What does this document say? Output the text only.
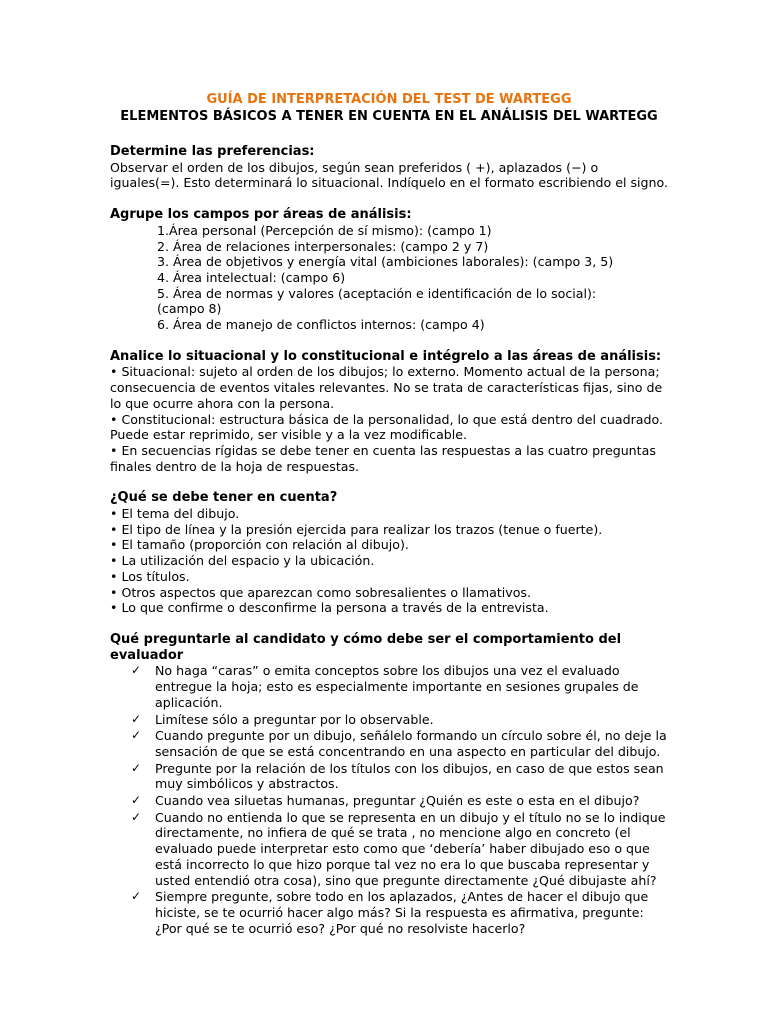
GUÍA DE INTERPRETACIÓN DEL TEST DE WARTEGG
ELEMENTOS BÁSICOS A TENER EN CUENTA EN EL ANÁLISIS DEL WARTEGG

Determine las preferencias:

Observar el orden de los dibujos, según sean preferidos ( +), aplazados (−) o iguales(=). Esto determinará lo situacional. Indíquelo en el formato escribiendo el signo.

Agrupe los campos por áreas de análisis:

1.Área personal (Percepción de sí mismo): (campo 1)
2. Área de relaciones interpersonales: (campo 2 y 7)
3. Área de objetivos y energía vital (ambiciones laborales): (campo 3, 5)
4. Área intelectual: (campo 6)
5. Área de normas y valores (aceptación e identificación de lo social):
(campo 8)
6. Área de manejo de conflictos internos: (campo 4)

Analice lo situacional y lo constitucional e intégrelo a las áreas de análisis:

• Situacional: sujeto al orden de los dibujos; lo externo. Momento actual de la persona; consecuencia de eventos vitales relevantes. No se trata de características fijas, sino de lo que ocurre ahora con la persona.
• Constitucional: estructura básica de la personalidad, lo que está dentro del cuadrado. Puede estar reprimido, ser visible y a la vez modificable.
• En secuencias rígidas se debe tener en cuenta las respuestas a las cuatro preguntas finales dentro de la hoja de respuestas.

¿Qué se debe tener en cuenta?

• El tema del dibujo.
• El tipo de línea y la presión ejercida para realizar los trazos (tenue o fuerte).
• El tamaño (proporción con relación al dibujo).
• La utilización del espacio y la ubicación.
• Los títulos.
• Otros aspectos que aparezcan como sobresalientes o llamativos.
• Lo que confirme o desconfirme la persona a través de la entrevista.

Qué preguntarle al candidato y cómo debe ser el comportamiento del evaluador

✓ No haga “caras” o emita conceptos sobre los dibujos una vez el evaluado entregue la hoja; esto es especialmente importante en sesiones grupales de aplicación.
✓ Limítese sólo a preguntar por lo observable.
✓ Cuando pregunte por un dibujo, señálelo formando un círculo sobre él, no deje la sensación de que se está concentrando en una aspecto en particular del dibujo.
✓ Pregunte por la relación de los títulos con los dibujos, en caso de que estos sean muy simbólicos y abstractos.
✓ Cuando vea siluetas humanas, preguntar ¿Quién es este o esta en el dibujo?
✓ Cuando no entienda lo que se representa en un dibujo y el título no se lo indique directamente, no infiera de qué se trata , no mencione algo en concreto (el evaluado puede interpretar esto como que ‘debería’ haber dibujado eso o que está incorrecto lo que hizo porque tal vez no era lo que buscaba representar y usted entendió otra cosa), sino que pregunte directamente ¿Qué dibujaste ahí?
✓ Siempre pregunte, sobre todo en los aplazados, ¿Antes de hacer el dibujo que hiciste, se te ocurrió hacer algo más? Si la respuesta es afirmativa, pregunte: ¿Por qué se te ocurrió eso? ¿Por qué no resolviste hacerlo?
